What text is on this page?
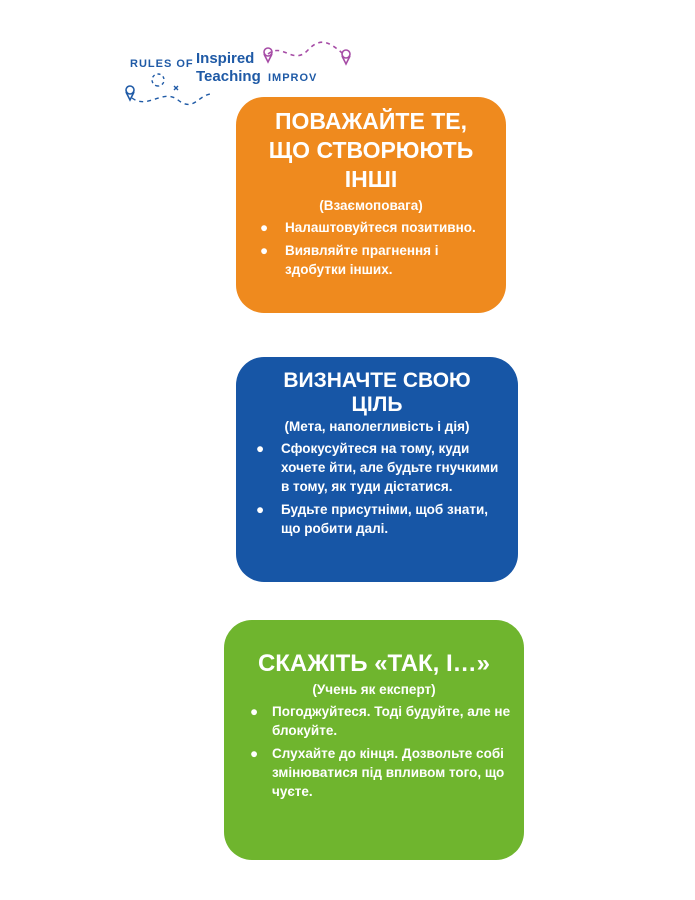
RULES OF Inspired
Teaching IMPROV
ПОВАЖАЙТЕ ТЕ, ЩО СТВОРЮЮТЬ ІНШІ
(Взаємоповага)
● Налаштовуйтеся позитивно.
● Виявляйте прагнення і здобутки інших.
ВИЗНАЧТЕ СВОЮ ЦІЛЬ
(Мета, наполегливість і дія)
● Сфокусуйтеся на тому, куди хочете йти, але будьте гнучкими в тому, як туди дістатися.
● Будьте присутніми, щоб знати, що робити далі.
СКАЖІТЬ «ТАК, І…»
(Учень як експерт)
● Погоджуйтеся. Тоді будуйте, але не блокуйте.
● Слухайте до кінця. Дозвольте собі змінюватися під впливом того, що чуєте.
